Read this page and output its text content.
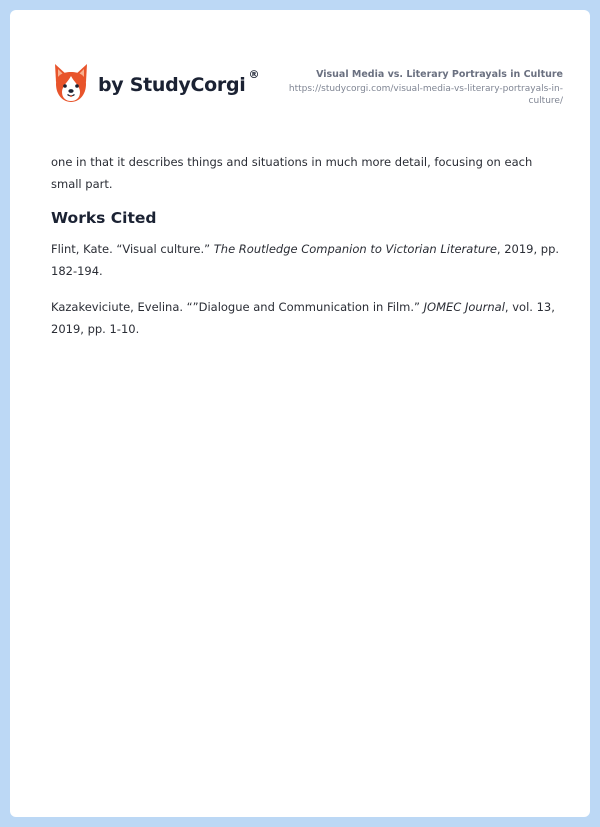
by StudyCorgi ®	Visual Media vs. Literary Portrayals in Culture
https://studycorgi.com/visual-media-vs-literary-portrayals-in-culture/

one in that it describes things and situations in much more detail, focusing on each small part.

Works Cited

Flint, Kate. “Visual culture.” The Routledge Companion to Victorian Literature, 2019, pp. 182-194.

Kazakeviciute, Evelina. “”Dialogue and Communication in Film.” JOMEC Journal, vol. 13, 2019, pp. 1-10.
